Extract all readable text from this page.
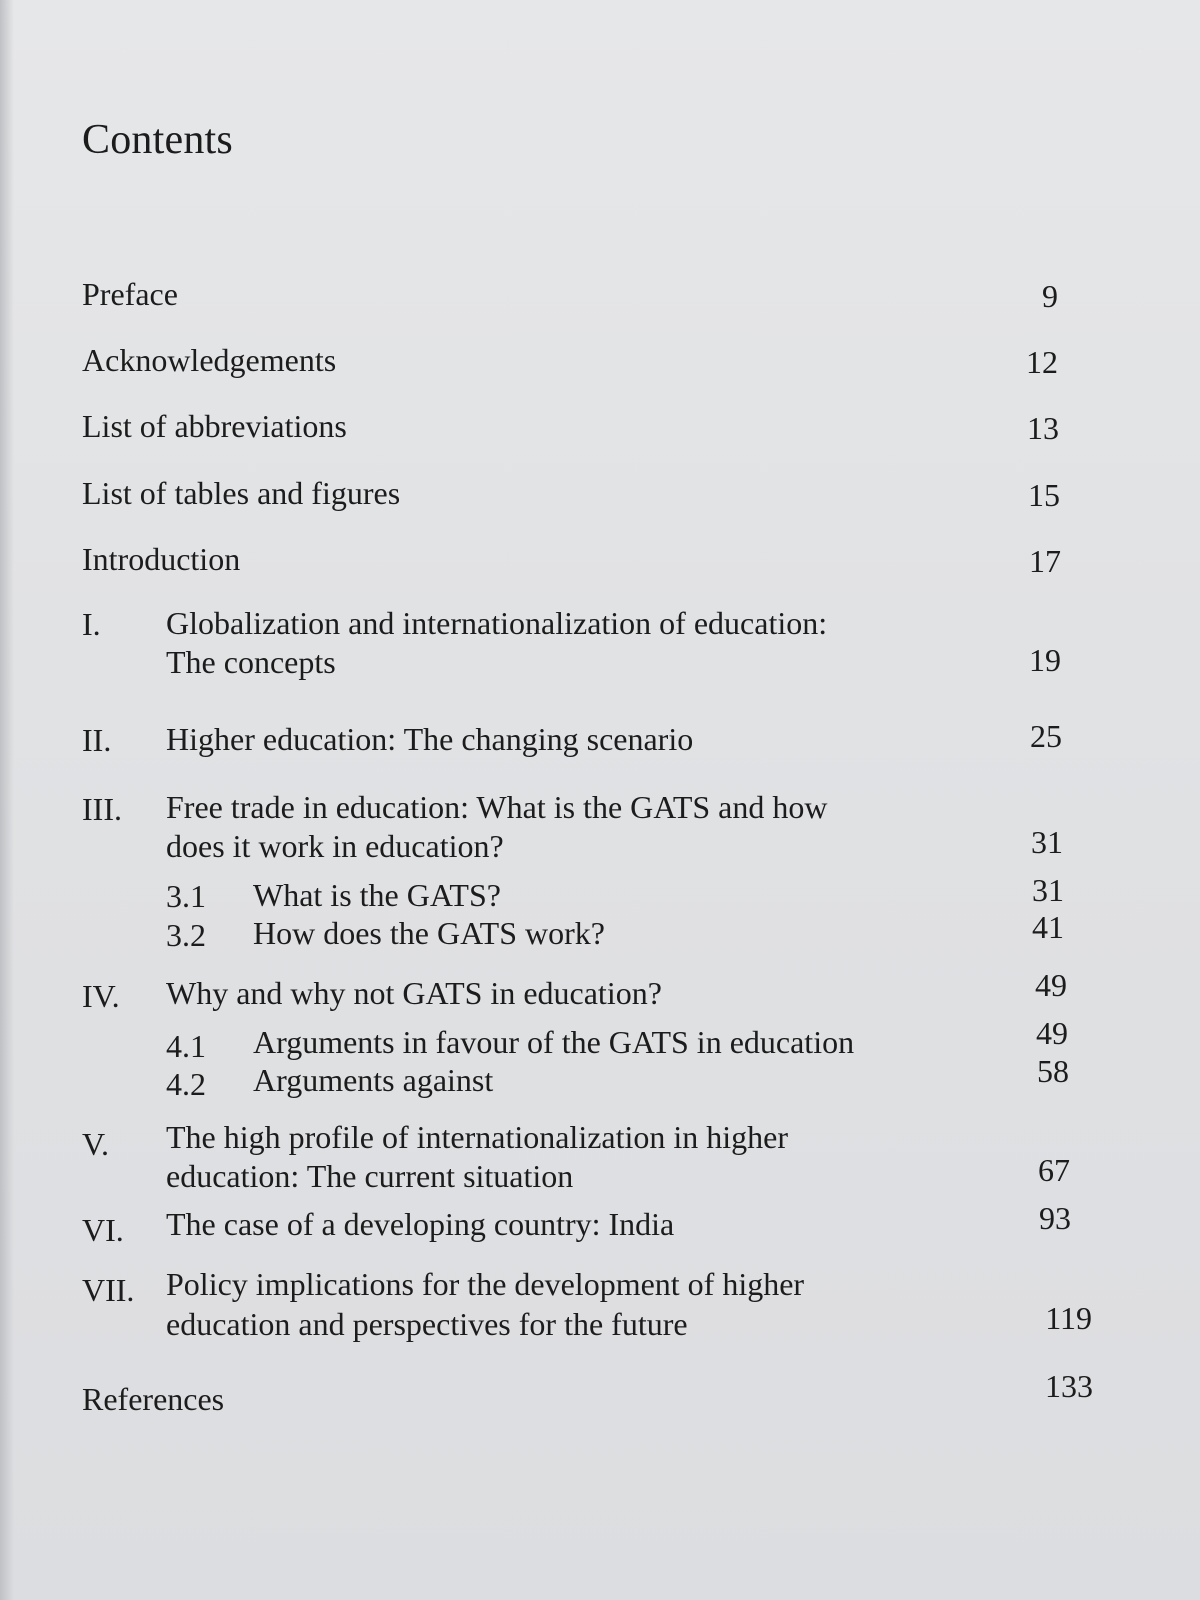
Contents
Preface	9
Acknowledgements	12
List of abbreviations	13
List of tables and figures	15
Introduction	17
I. Globalization and internationalization of education:
The concepts	19
II. Higher education: The changing scenario	25
III. Free trade in education: What is the GATS and how
does it work in education?	31
3.1 What is the GATS?	31
3.2 How does the GATS work?	41
IV. Why and why not GATS in education?	49
4.1 Arguments in favour of the GATS in education	49
4.2 Arguments against	58
V. The high profile of internationalization in higher
education: The current situation	67
VI. The case of a developing country: India	93
VII. Policy implications for the development of higher
education and perspectives for the future	119
References	133
